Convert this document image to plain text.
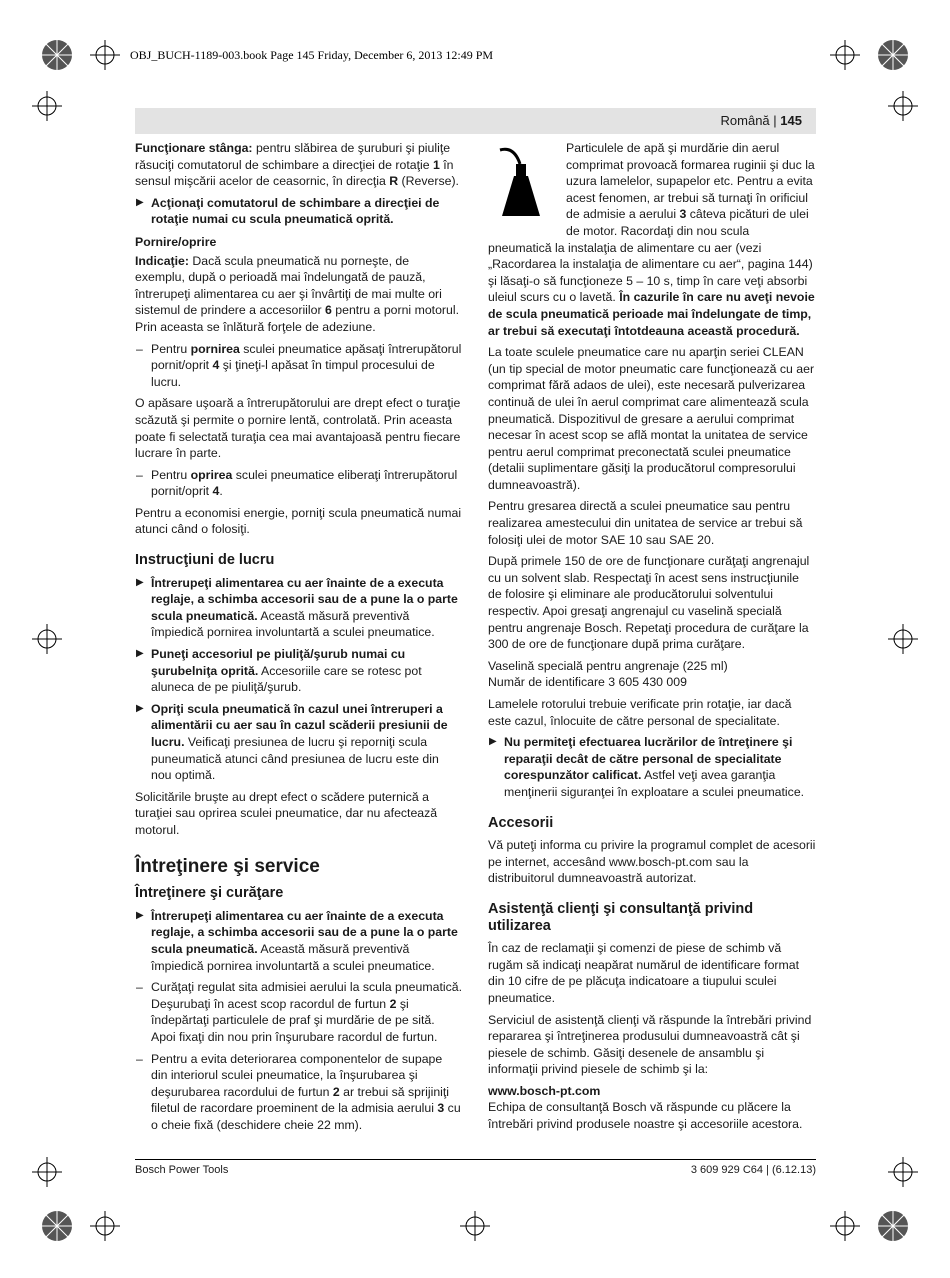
OBJ_BUCH-1189-003.book Page 145 Friday, December 6, 2013 12:49 PM
Română | 145

Funcţionare stânga: pentru slăbirea de şuruburi şi piuliţe răsuciţi comutatorul de schimbare a direcţiei de rotaţie 1 în sensul mişcării acelor de ceasornic, în direcţia R (Reverse).

▶ Acţionaţi comutatorul de schimbare a direcţiei de rotaţie numai cu scula pneumatică oprită.
Pornire/oprire

Indicaţie: Dacă scula pneumatică nu porneşte, de exemplu, după o perioadă mai îndelungată de pauză, întrerupeţi alimentarea cu aer şi învârtiţi de mai multe ori sistemul de prindere a accesoriilor 6 pentru a porni motorul. Prin aceasta se înlătură forţele de adeziune.

– Pentru pornirea sculei pneumatice apăsaţi întrerupătorul pornit/oprit 4 şi ţineţi-l apăsat în timpul procesului de lucru.

O apăsare uşoară a întrerupătorului are drept efect o turaţie scăzută şi permite o pornire lentă, controlată. Prin aceasta poate fi selectată turaţia cea mai avantajoasă pentru fiecare lucrare în parte.

– Pentru oprirea sculei pneumatice eliberaţi întrerupătorul pornit/oprit 4.

Pentru a economisi energie, porniţi scula pneumatică numai atunci când o folosiţi.

Instrucţiuni de lucru
▶ Întrerupeţi alimentarea cu aer înainte de a executa reglaje, a schimba accesorii sau de a pune la o parte scula pneumatică. Această măsură preventivă împiedică pornirea involuntartă a sculei pneumatice.
▶ Puneţi accesoriul pe piuliţă/şurub numai cu şurubelniţa oprită. Accesoriile care se rotesc pot aluneca de pe piuliţă/şurub.
▶ Opriţi scula pneumatică în cazul unei întreruperi a alimentării cu aer sau în cazul scăderii presiunii de lucru. Veificaţi presiunea de lucru şi reporniţi scula puneumatică atunci când presiunea de lucru este din nou optimă.

Solicitările bruşte au drept efect o scădere puternică a turaţiei sau oprirea sculei pneumatice, dar nu afectează motorul.

Întreţinere şi service
Întreţinere şi curăţare
▶ Întrerupeţi alimentarea cu aer înainte de a executa reglaje, a schimba accesorii sau de a pune la o parte scula pneumatică. Această măsură preventivă împiedică pornirea involuntartă a sculei pneumatice.
– Curăţaţi regulat sita admisiei aerului la scula pneumatică. Deşurubaţi în acest scop racordul de furtun 2 şi îndepărtaţi particulele de praf şi murdărie de pe sită. Apoi fixaţi din nou prin înşurubare racordul de furtun.
– Pentru a evita deteriorarea componentelor de supape din interiorul sculei pneumatice, la înşurubarea şi deşurubarea racordului de furtun 2 ar trebui să sprijiniţi filetul de racordare proeminent de la admisia aerului 3 cu o cheie fixă (deschidere cheie 22 mm).

Particulele de apă şi murdărie din aerul comprimat provoacă formarea ruginii şi duc la uzura lamelelor, supapelor etc. Pentru a evita acest fenomen, ar trebui să turnaţi în orificiul de admisie a aerului 3 câteva picături de ulei de motor. Racordaţi din nou scula pneumatică la instalaţia de alimentare cu aer (vezi „Racordarea la instalaţia de alimentare cu aer“, pagina 144) şi lăsaţi-o să funcţioneze 5 – 10 s, timp în care veţi absorbi uleiul scurs cu o lavetă. În cazurile în care nu aveţi nevoie de scula pneumatică perioade mai îndelungate de timp, ar trebui să executaţi întotdeauna această procedură.

La toate sculele pneumatice care nu aparţin seriei CLEAN (un tip special de motor pneumatic care funcţionează cu aer comprimat fără adaos de ulei), este necesară pulverizarea continuă de ulei în aerul comprimat care alimentează scula pneumatică. Dispozitivul de gresare a aerului comprimat necesar în acest scop se află montat la unitatea de service pentru aerul comprimat preconectată sculei pneumatice (detalii suplimentare găsiţi la producătorul compresorului dumneavoastră).

Pentru gresarea directă a sculei pneumatice sau pentru realizarea amestecului din unitatea de service ar trebui să folosiţi ulei de motor SAE 10 sau SAE 20.

După primele 150 de ore de funcţionare curăţaţi angrenajul cu un solvent slab. Respectaţi în acest sens instrucţiunile de folosire şi eliminare ale producătorului solventului respectiv. Apoi gresaţi angrenajul cu vaselină specială pentru angrenaje Bosch. Repetaţi procedura de curăţare la 300 de ore de funcţionare după prima curăţare.

Vaselină specială pentru angrenaje (225 ml)
Număr de identificare 3 605 430 009

Lamelele rotorului trebuie verificate prin rotaţie, iar dacă este cazul, înlocuite de către personal de specialitate.

▶ Nu permiteţi efectuarea lucrărilor de întreţinere şi reparaţii decât de către personal de specialitate corespunzător calificat. Astfel veţi avea garanţia menţinerii siguranţei în exploatare a sculei pneumatice.
Accesorii

Vă puteţi informa cu privire la programul complet de acesorii pe internet, accesând www.bosch-pt.com sau la distribuitorul dumneavoastră autorizat.

Asistenţă clienţi şi consultanţă privind utilizarea

În caz de reclamaţii şi comenzi de piese de schimb vă rugăm să indicaţi neapărat numărul de identificare format din 10 cifre de pe plăcuţa indicatoare a tiupului sculei pneumatice.

Serviciul de asistenţă clienţi vă răspunde la întrebări privind repararea şi întreţinerea produsului dumneavoastră cât şi piesele de schimb. Găsiţi desenele de ansamblu şi informaţii privind piesele de schimb şi la:

www.bosch-pt.com

Echipa de consultanţă Bosch vă răspunde cu plăcere la întrebări privind produsele noastre şi accesoriile acestora.

Bosch Power Tools	3 609 929 C64 | (6.12.13)
